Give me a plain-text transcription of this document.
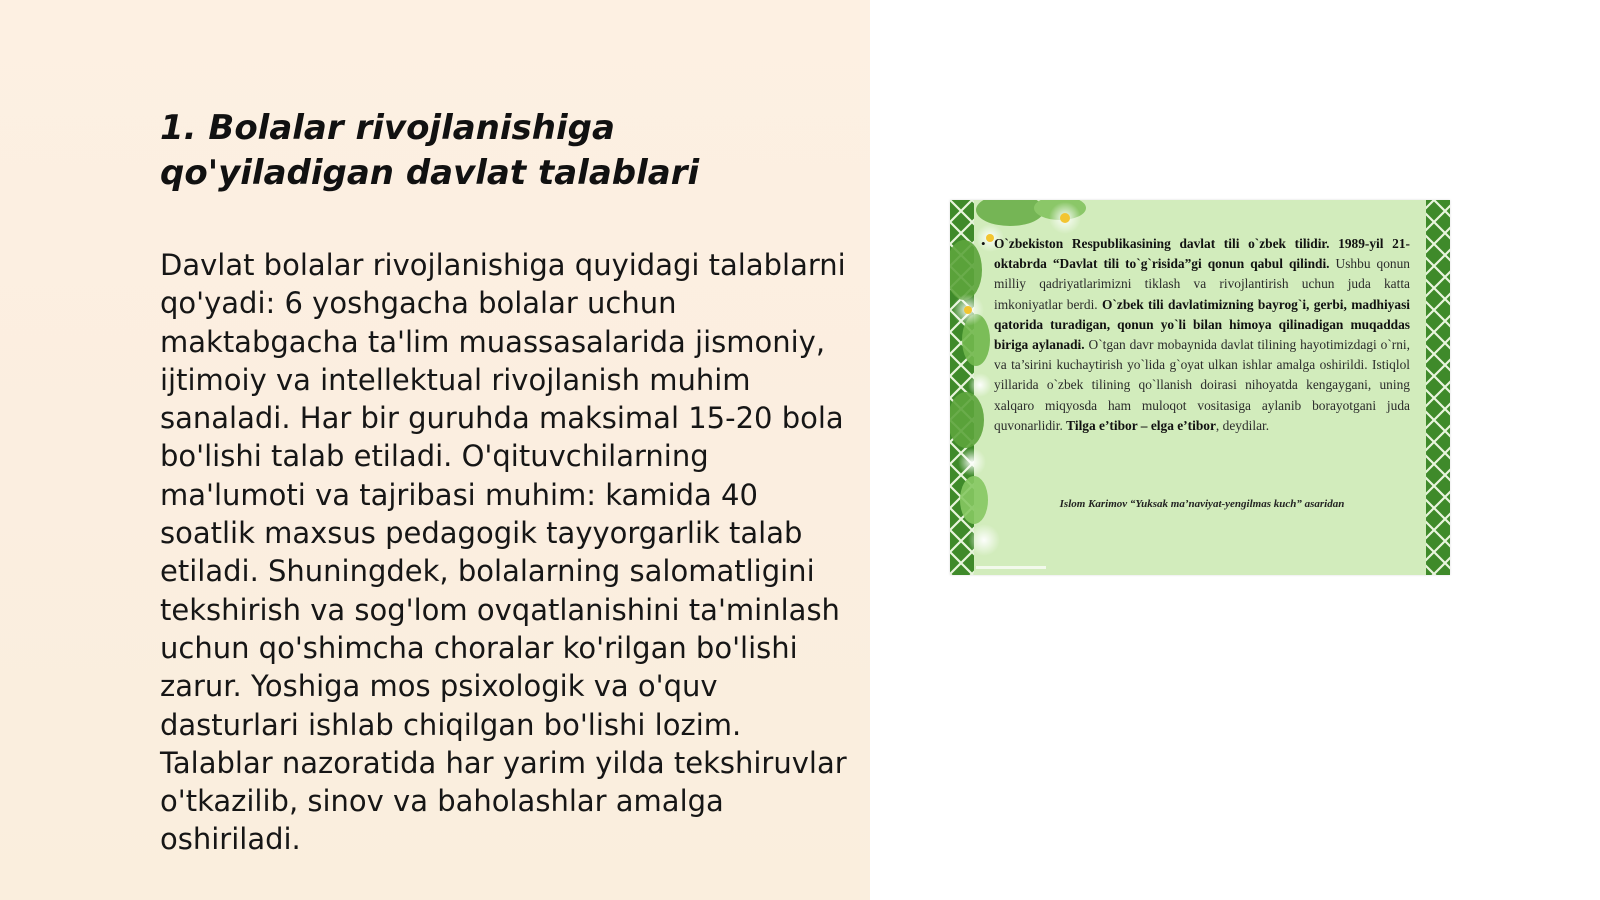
1. Bolalar rivojlanishiga qo'yiladigan davlat talablari

Davlat bolalar rivojlanishiga quyidagi talablarni qo'yadi: 6 yoshgacha bolalar uchun maktabgacha ta'lim muassasalarida jismoniy, ijtimoiy va intellektual rivojlanish muhim sanaladi. Har bir guruhda maksimal 15-20 bola bo'lishi talab etiladi. O'qituvchilarning ma'lumoti va tajribasi muhim: kamida 40 soatlik maxsus pedagogik tayyorgarlik talab etiladi. Shuningdek, bolalarning salomatligini tekshirish va sog'lom ovqatlanishini ta'minlash uchun qo'shimcha choralar ko'rilgan bo'lishi zarur. Yoshiga mos psixologik va o'quv dasturlari ishlab chiqilgan bo'lishi lozim. Talablar nazoratida har yarim yilda tekshiruvlar o'tkazilib, sinov va baholashlar amalga oshiriladi.

• O`zbekiston Respublikasining davlat tili o`zbek tilidir. 1989-yil 21-oktabrda “Davlat tili to`g`risida”gi qonun qabul qilindi. Ushbu qonun milliy qadriyatlarimizni tiklash va rivojlantirish uchun juda katta imkoniyatlar berdi. O`zbek tili davlatimizning bayrog`i, gerbi, madhiyasi qatorida turadigan, qonun yo`li bilan himoya qilinadigan muqaddas biriga aylanadi. O`tgan davr mobaynida davlat tilining hayotimizdagi o`rni, va ta’sirini kuchaytirish yo`lida g`oyat ulkan ishlar amalga oshirildi. Istiqlol yillarida o`zbek tilining qo`llanish doirasi nihoyatda kengaygani, uning xalqaro miqyosda ham muloqot vositasiga aylanib borayotgani juda quvonarlidir. Tilga e’tibor – elga e’tibor, deydilar.

Islom Karimov “Yuksak ma’naviyat-yengilmas kuch” asaridan
